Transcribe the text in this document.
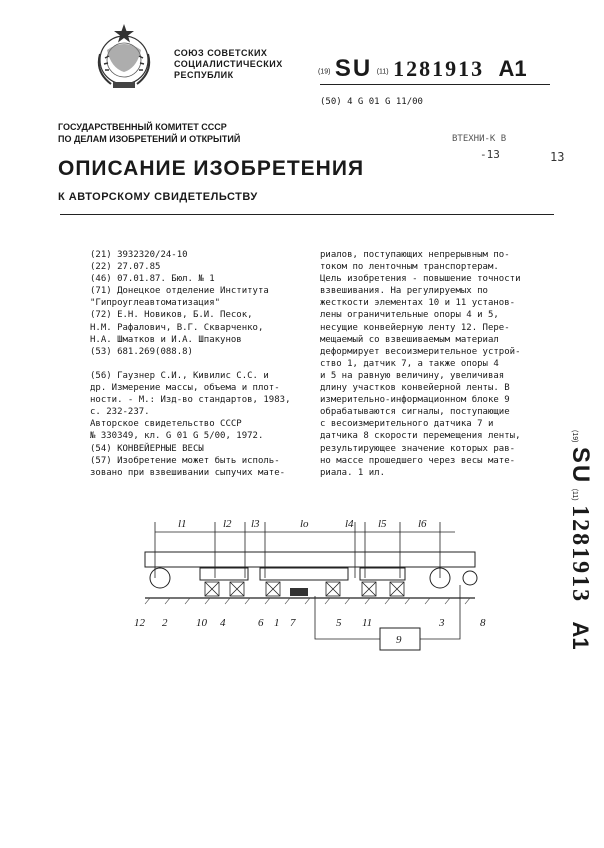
СОЮЗ СОВЕТСКИХ
СОЦИАЛИСТИЧЕСКИХ
РЕСПУБЛИК	(19) SU (11) 1281913 A1
(50) 4 G 01 G 11/00
ГОСУДАРСТВЕННЫЙ КОМИТЕТ СССР
ПО ДЕЛАМ ИЗОБРЕТЕНИЙ И ОТКРЫТИЙ	ВТЕХНИ-К В
-13	13
ОПИСАНИЕ ИЗОБРЕТЕНИЯ
К АВТОРСКОМУ СВИДЕТЕЛЬСТВУ
(21) 3932320/24-10
(22) 27.07.85
(46) 07.01.87. Бюл. № 1
(71) Донецкое отделение Института
"Гипроуглеавтоматизация"
(72) Е.Н. Новиков, Б.И. Песок,
Н.М. Рафалович, В.Г. Скварченко,
Н.А. Шматков и И.А. Шпакунов
(53) 681.269(088.8)

(56) Гаузнер С.И., Кивилис С.С. и
др. Измерение массы, объема и плот-
ности. - М.: Изд-во стандартов, 1983,
с. 232-237.
Авторское свидетельство СССР
№ 330349, кл. G 01 G 5/00, 1972.
(54) КОНВЕЙЕРНЫЕ ВЕСЫ
(57) Изобретение может быть исполь-
зовано при взвешивании сыпучих мате-
риалов, поступающих непрерывным по-
током по ленточным транспортерам.
Цель изобретения - повышение точности
взвешивания. На регулируемых по
жесткости элементах 10 и 11 установ-
лены ограничительные опоры 4 и 5,
несущие конвейерную ленту 12. Пере-
мещаемый со взвешиваемым материал
деформирует весоизмерительное устрой-
ство 1, датчик 7, а также опоры 4
и 5 на равную величину, увеличивая
длину участков конвейерной ленты. В
измерительно-информационном блоке 9
обрабатываются сигналы, поступающие
с весоизмерительного датчика 7 и
датчика 8 скорости перемещения ленты,
результирующее значение которых рав-
но массе прошедшего через весы мате-
риала. 1 ил.
(19) SU (11) 1281913 A1
l1	l2 l3	lo	l4 l5	l6
9
12 2	10 4	6 1 7	5 11	3	8
